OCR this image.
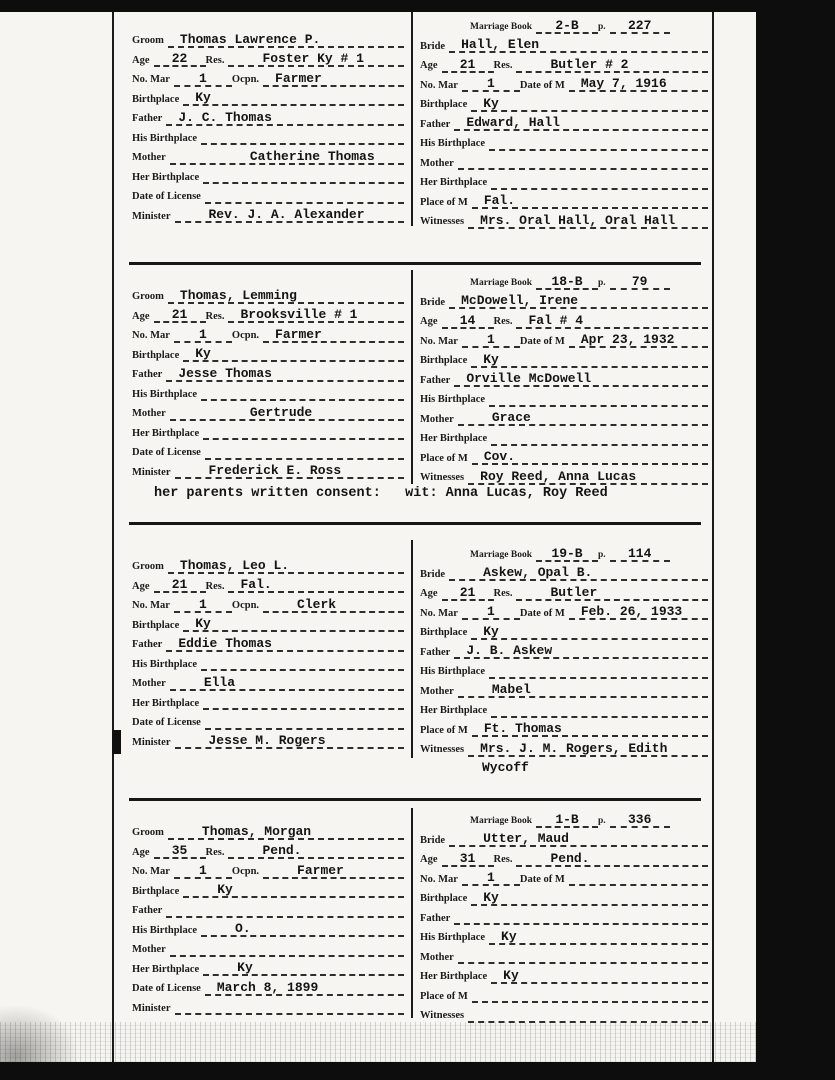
Groom Thomas Lawrence P.
Age 22 Res.	Foster Ky # 1
No. Mar 1 Ocpn. Farmer
Birthplace Ky
Father J. C. Thomas
His Birthplace
Mother	Catherine Thomas
Her Birthplace
Date of License
Minister	Rev. J. A. Alexander
Marriage Book 2-B p. 227
Bride Hall, Elen
Age 21 Res.	Butler # 2
No. Mar 1 Date of M May 7, 1916
Birthplace Ky
Father Edward, Hall
His Birthplace
Mother
Her Birthplace
Place of M Fal.
Witnesses Mrs. Oral Hall, Oral Hall
Groom Thomas, Lemming
Age 21 Res. Brooksville # 1
No. Mar 1 Ocpn. Farmer
Birthplace Ky
Father Jesse Thomas
His Birthplace
Mother	Gertrude
Her Birthplace
Date of License
Minister	Frederick E. Ross
Marriage Book 18-B p. 79
Bride McDowell, Irene
Age 14 Res. Fal # 4
No. Mar 1 Date of M Apr 23, 1932
Birthplace Ky
Father Orville McDowell
His Birthplace
Mother	Grace
Her Birthplace
Place of M Cov.
Witnesses Roy Reed, Anna Lucas
her parents written consent:   wit: Anna Lucas, Roy Reed
Groom Thomas, Leo L.
Age 21 Res. Fal.
No. Mar 1 Ocpn.	Clerk
Birthplace Ky
Father Eddie Thomas
His Birthplace
Mother	Ella
Her Birthplace
Date of License
Minister	Jesse M. Rogers
Marriage Book 19-B p. 114
Bride	Askew, Opal B.
Age 21 Res.	Butler
No. Mar 1 Date of M Feb. 26, 1933
Birthplace Ky
Father J. B. Askew
His Birthplace
Mother	Mabel
Her Birthplace
Place of M Ft. Thomas
Witnesses Mrs. J. M. Rogers, Edith
Wycoff
Groom	Thomas, Morgan
Age 35 Res.	Pend.
No. Mar 1 Ocpn.	Farmer
Birthplace	Ky
Father
His Birthplace	O.
Mother
Her Birthplace	Ky
Date of License March 8, 1899
Minister
Marriage Book 1-B p. 336
Bride	Utter, Maud
Age 31 Res.	Pend.
No. Mar 1 Date of M
Birthplace Ky
Father
His Birthplace Ky
Mother
Her Birthplace Ky
Place of M
Witnesses
